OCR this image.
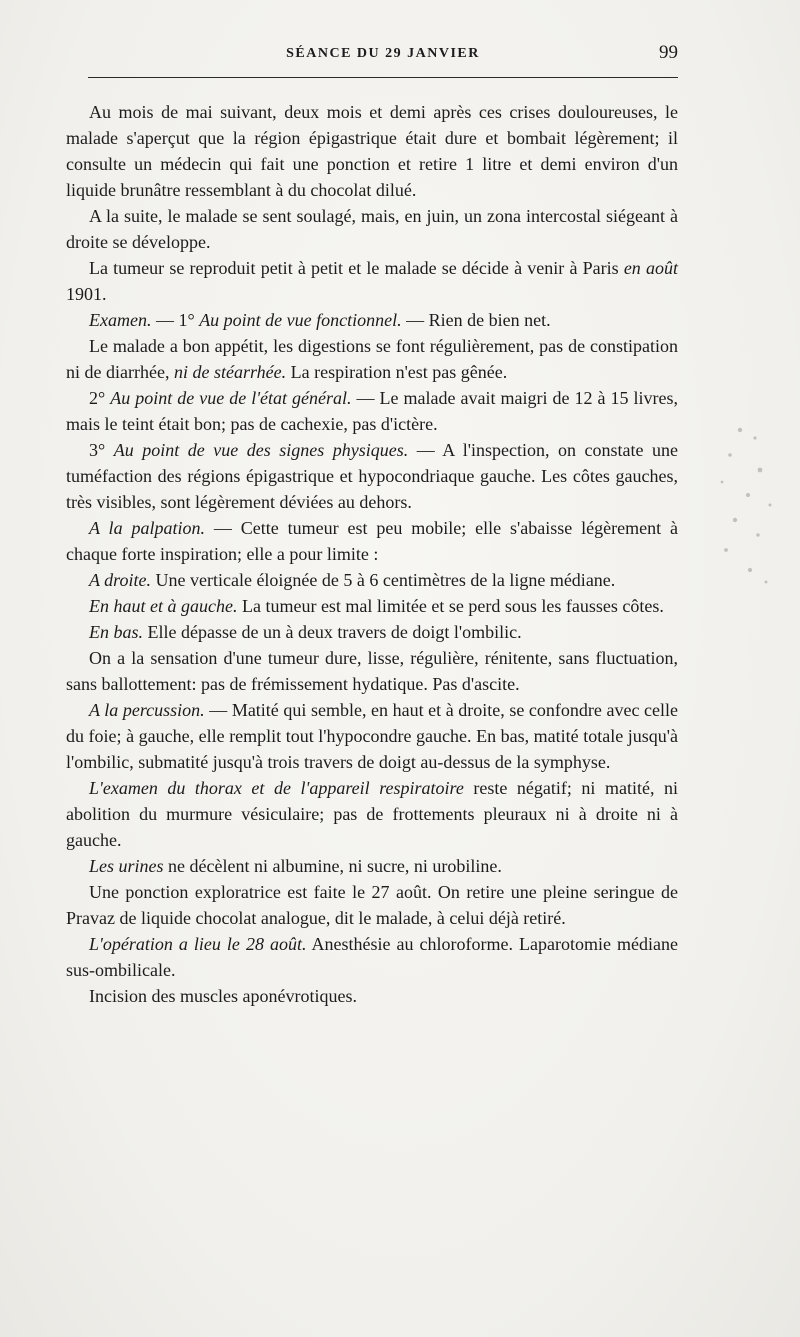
SÉANCE DU 29 JANVIER	99

Au mois de mai suivant, deux mois et demi après ces crises douloureuses, le malade s'aperçut que la région épigastrique était dure et bombait légèrement; il consulte un médecin qui fait une ponction et retire 1 litre et demi environ d'un liquide brunâtre ressemblant à du chocolat dilué.

A la suite, le malade se sent soulagé, mais, en juin, un zona intercostal siégeant à droite se développe.

La tumeur se reproduit petit à petit et le malade se décide à venir à Paris en août 1901.

Examen. — 1° Au point de vue fonctionnel. — Rien de bien net.

Le malade a bon appétit, les digestions se font régulièrement, pas de constipation ni de diarrhée, ni de stéarrhée. La respiration n'est pas gênée.

2° Au point de vue de l'état général. — Le malade avait maigri de 12 à 15 livres, mais le teint était bon; pas de cachexie, pas d'ictère.

3° Au point de vue des signes physiques. — A l'inspection, on constate une tuméfaction des régions épigastrique et hypocondriaque gauche. Les côtes gauches, très visibles, sont légèrement déviées au dehors.

A la palpation. — Cette tumeur est peu mobile; elle s'abaisse légèrement à chaque forte inspiration; elle a pour limite :

A droite. Une verticale éloignée de 5 à 6 centimètres de la ligne médiane.

En haut et à gauche. La tumeur est mal limitée et se perd sous les fausses côtes.

En bas. Elle dépasse de un à deux travers de doigt l'ombilic.

On a la sensation d'une tumeur dure, lisse, régulière, rénitente, sans fluctuation, sans ballottement: pas de frémissement hydatique. Pas d'ascite.

A la percussion. — Matité qui semble, en haut et à droite, se confondre avec celle du foie; à gauche, elle remplit tout l'hypocondre gauche. En bas, matité totale jusqu'à l'ombilic, submatité jusqu'à trois travers de doigt au-dessus de la symphyse.

L'examen du thorax et de l'appareil respiratoire reste négatif; ni matité, ni abolition du murmure vésiculaire; pas de frottements pleuraux ni à droite ni à gauche.

Les urines ne décèlent ni albumine, ni sucre, ni urobiline.

Une ponction exploratrice est faite le 27 août. On retire une pleine seringue de Pravaz de liquide chocolat analogue, dit le malade, à celui déjà retiré.

L'opération a lieu le 28 août. Anesthésie au chloroforme. Laparotomie médiane sus-ombilicale.

Incision des muscles aponévrotiques.
